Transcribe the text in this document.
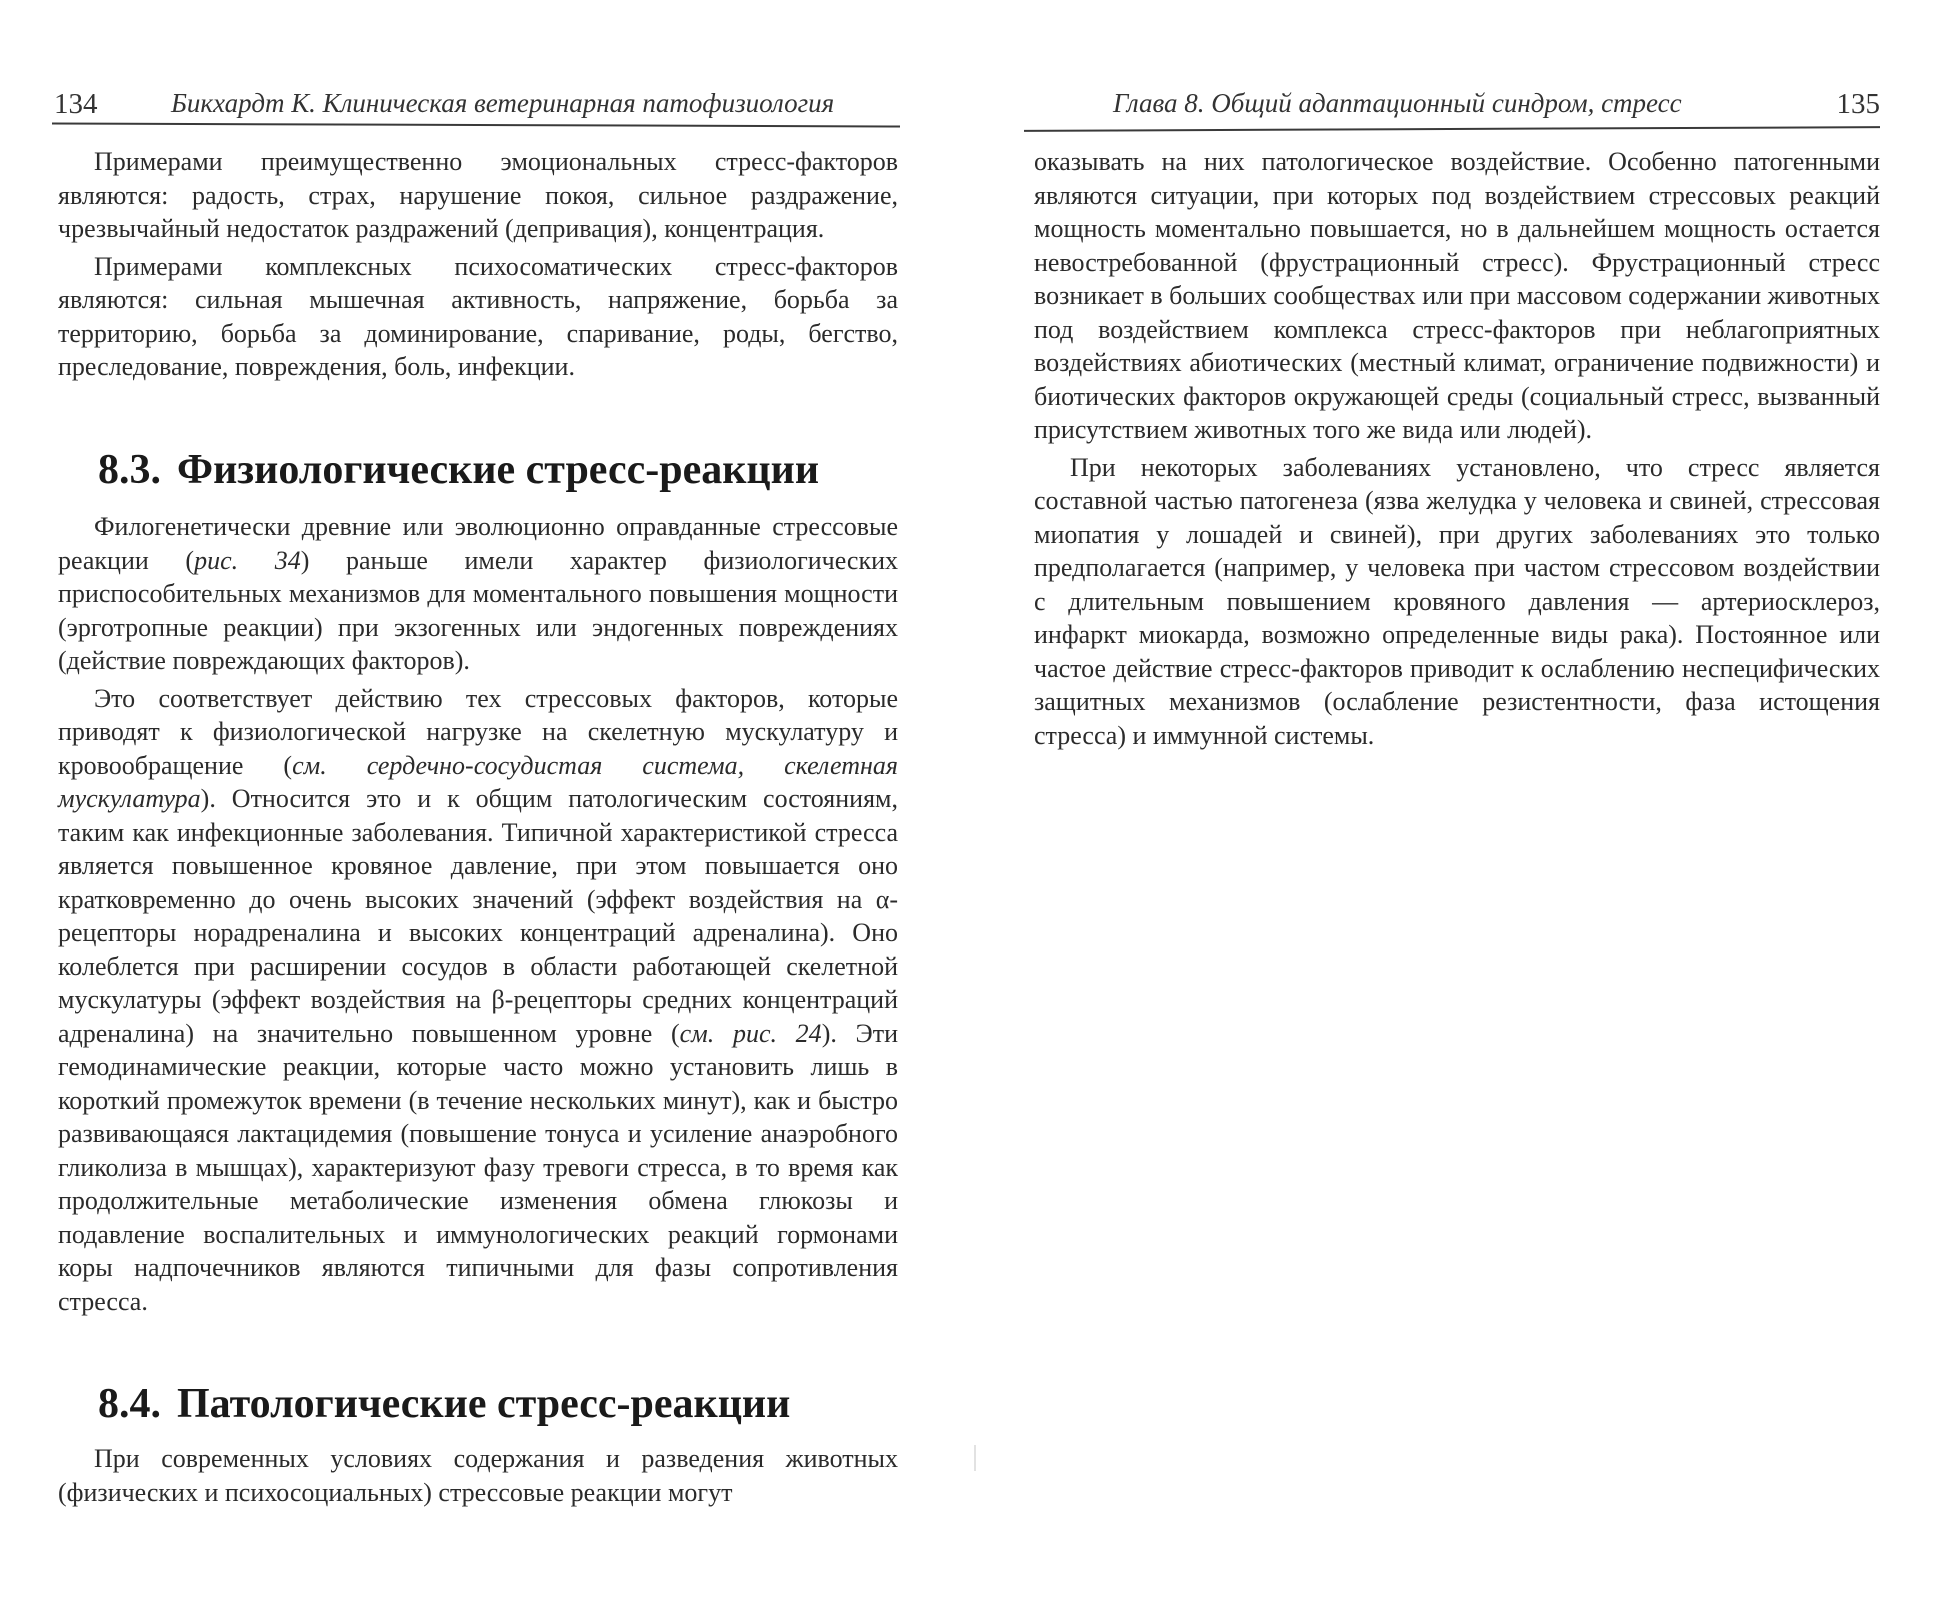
134	Бикхардт К. Клиническая ветеринарная патофизиология

Примерами преимущественно эмоциональных стресс-факторов являются: радость, страх, нарушение покоя, сильное раздражение, чрезвычайный недостаток раздражений (депривация), концентрация.

Примерами комплексных психосоматических стресс-факторов являются: сильная мышечная активность, напряжение, борьба за территорию, борьба за доминирование, спаривание, роды, бегство, преследование, повреждения, боль, инфекции.

8.3. Физиологические стресс-реакции

Филогенетически древние или эволюционно оправданные стрессовые реакции (рис. 34) раньше имели характер физиологических приспособительных механизмов для моментального повышения мощности (эрготропные реакции) при экзогенных или эндогенных повреждениях (действие повреждающих факторов).

Это соответствует действию тех стрессовых факторов, которые приводят к физиологической нагрузке на скелетную мускулатуру и кровообращение (см. сердечно-сосудистая система, скелетная мускулатура). Относится это и к общим патологическим состояниям, таким как инфекционные заболевания. Типичной характеристикой стресса является повышенное кровяное давление, при этом повышается оно кратковременно до очень высоких значений (эффект воздействия на α-рецепторы норадреналина и высоких концентраций адреналина). Оно колеблется при расширении сосудов в области работающей скелетной мускулатуры (эффект воздействия на β-рецепторы средних концентраций адреналина) на значительно повышенном уровне (см. рис. 24). Эти гемодинамические реакции, которые часто можно установить лишь в короткий промежуток времени (в течение нескольких минут), как и быстро развивающаяся лактацидемия (повышение тонуса и усиление анаэробного гликолиза в мышцах), характеризуют фазу тревоги стресса, в то время как продолжительные метаболические изменения обмена глюкозы и подавление воспалительных и иммунологических реакций гормонами коры надпочечников являются типичными для фазы сопротивления стресса.

8.4. Патологические стресс-реакции

При современных условиях содержания и разведения животных (физических и психосоциальных) стрессовые реакции могут

Глава 8. Общий адаптационный синдром, стресс	135

оказывать на них патологическое воздействие. Особенно патогенными являются ситуации, при которых под воздействием стрессовых реакций мощность моментально повышается, но в дальнейшем мощность остается невостребованной (фрустрационный стресс). Фрустрационный стресс возникает в больших сообществах или при массовом содержании животных под воздействием комплекса стресс-факторов при неблагоприятных воздействиях абиотических (местный климат, ограничение подвижности) и биотических факторов окружающей среды (социальный стресс, вызванный присутствием животных того же вида или людей).

При некоторых заболеваниях установлено, что стресс является составной частью патогенеза (язва желудка у человека и свиней, стрессовая миопатия у лошадей и свиней), при других заболеваниях это только предполагается (например, у человека при частом стрессовом воздействии с длительным повышением кровяного давления — артериосклероз, инфаркт миокарда, возможно определенные виды рака). Постоянное или частое действие стресс-факторов приводит к ослаблению неспецифических защитных механизмов (ослабление резистентности, фаза истощения стресса) и иммунной системы.
